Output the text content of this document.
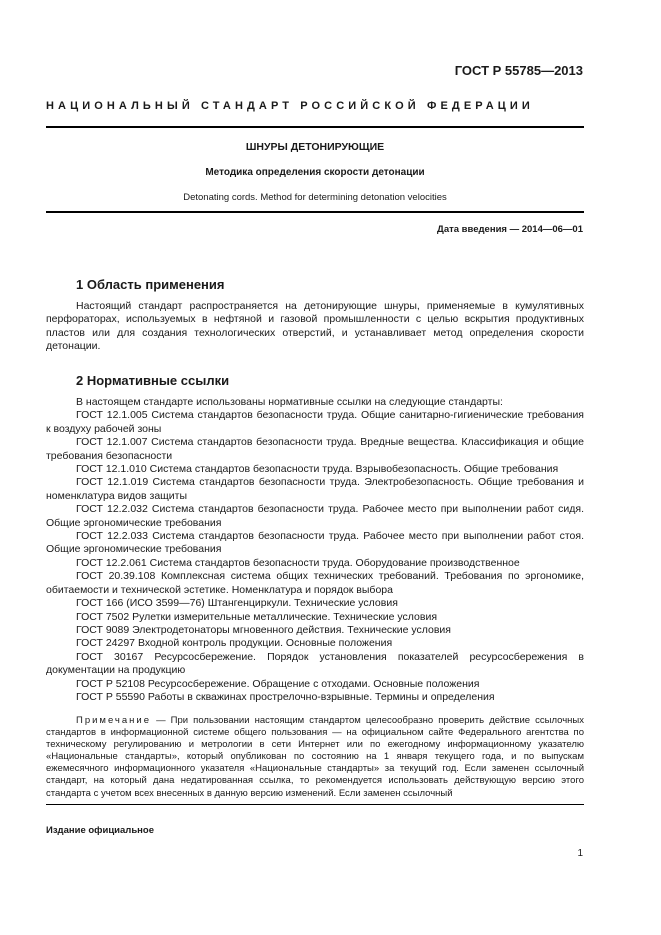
ГОСТ Р 55785—2013
НАЦИОНАЛЬНЫЙ СТАНДАРТ РОССИЙСКОЙ ФЕДЕРАЦИИ
ШНУРЫ ДЕТОНИРУЮЩИЕ
Методика определения скорости детонации
Detonating cords. Method for determining detonation velocities
Дата введения — 2014—06—01
1 Область применения

Настоящий стандарт распространяется на детонирующие шнуры, применяемые в кумулятивных перфораторах, используемых в нефтяной и газовой промышленности с целью вскрытия продуктивных пластов или для создания технологических отверстий, и устанавливает метод определения скорости детонации.

2 Нормативные ссылки

В настоящем стандарте использованы нормативные ссылки на следующие стандарты:

ГОСТ 12.1.005 Система стандартов безопасности труда. Общие санитарно-гигиенические требования к воздуху рабочей зоны

ГОСТ 12.1.007 Система стандартов безопасности труда. Вредные вещества. Классификация и общие требования безопасности

ГОСТ 12.1.010 Система стандартов безопасности труда. Взрывобезопасность. Общие требования

ГОСТ 12.1.019 Система стандартов безопасности труда. Электробезопасность. Общие требования и номенклатура видов защиты

ГОСТ 12.2.032 Система стандартов безопасности труда. Рабочее место при выполнении работ сидя. Общие эргономические требования

ГОСТ 12.2.033 Система стандартов безопасности труда. Рабочее место при выполнении работ стоя. Общие эргономические требования

ГОСТ 12.2.061 Система стандартов безопасности труда. Оборудование производственное

ГОСТ 20.39.108 Комплексная система общих технических требований. Требования по эргономике, обитаемости и технической эстетике. Номенклатура и порядок выбора

ГОСТ 166 (ИСО 3599—76) Штангенциркули. Технические условия

ГОСТ 7502 Рулетки измерительные металлические. Технические условия

ГОСТ 9089 Электродетонаторы мгновенного действия. Технические условия

ГОСТ 24297 Входной контроль продукции. Основные положения

ГОСТ 30167 Ресурсосбережение. Порядок установления показателей ресурсосбережения в документации на продукцию

ГОСТ Р 52108 Ресурсосбережение. Обращение с отходами. Основные положения

ГОСТ Р 55590 Работы в скважинах прострелочно-взрывные. Термины и определения

Примечание — При пользовании настоящим стандартом целесообразно проверить действие ссылочных стандартов в информационной системе общего пользования — на официальном сайте Федерального агентства по техническому регулированию и метрологии в сети Интернет или по ежегодному информационному указателю «Национальные стандарты», который опубликован по состоянию на 1 января текущего года, и по выпускам ежемесячного информационного указателя «Национальные стандарты» за текущий год. Если заменен ссылочный стандарт, на который дана недатированная ссылка, то рекомендуется использовать действующую версию этого стандарта с учетом всех внесенных в данную версию изменений. Если заменен ссылочный
Издание официальное
1
